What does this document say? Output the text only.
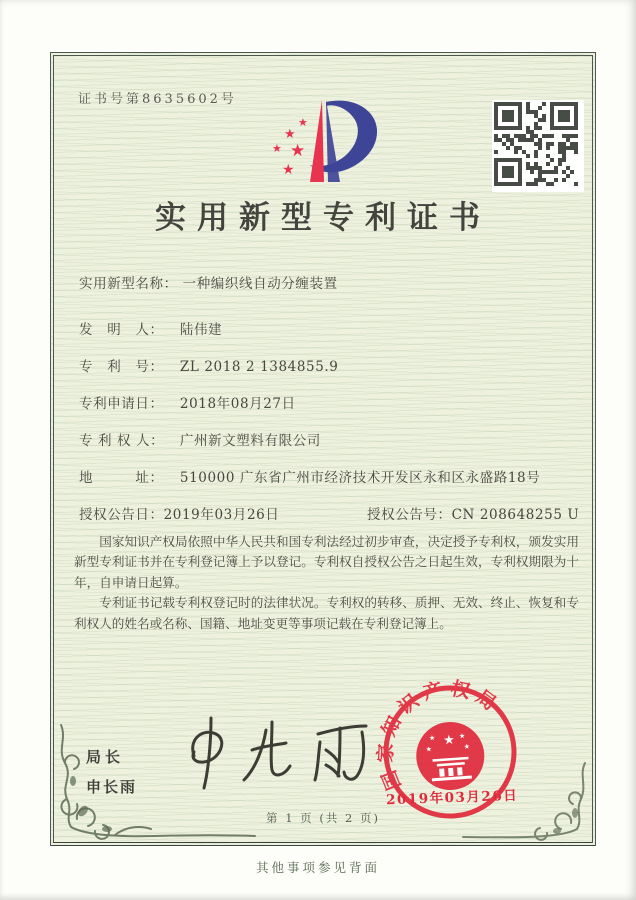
证书号第8635602号
★
★
★ ★
★
实用新型专利证书
实用新型名称： 一种编织线自动分缠装置
发　明　人： 陆伟建
专　利　号： ZL 2018 2 1384855.9
专利申请日： 2018年08月27日
专 利 权 人： 广州新文塑料有限公司
地　　　址： 510000 广东省广州市经济技术开发区永和区永盛路18号
授权公告日：2019年03月26日	授权公告号：CN 208648255 U

国家知识产权局依照中华人民共和国专利法经过初步审查，决定授予专利权，颁发实用新型专利证书并在专利登记簿上予以登记。专利权自授权公告之日起生效，专利权期限为十年，自申请日起算。

专利证书记载专利权登记时的法律状况。专利权的转移、质押、无效、终止、恢复和专利权人的姓名或名称、国籍、地址变更等事项记载在专利登记簿上。

局长
申长雨	国家知识产权局
★
★	★
★	★
2019年03月26日
第 1 页 (共 2 页)
其他事项参见背面
